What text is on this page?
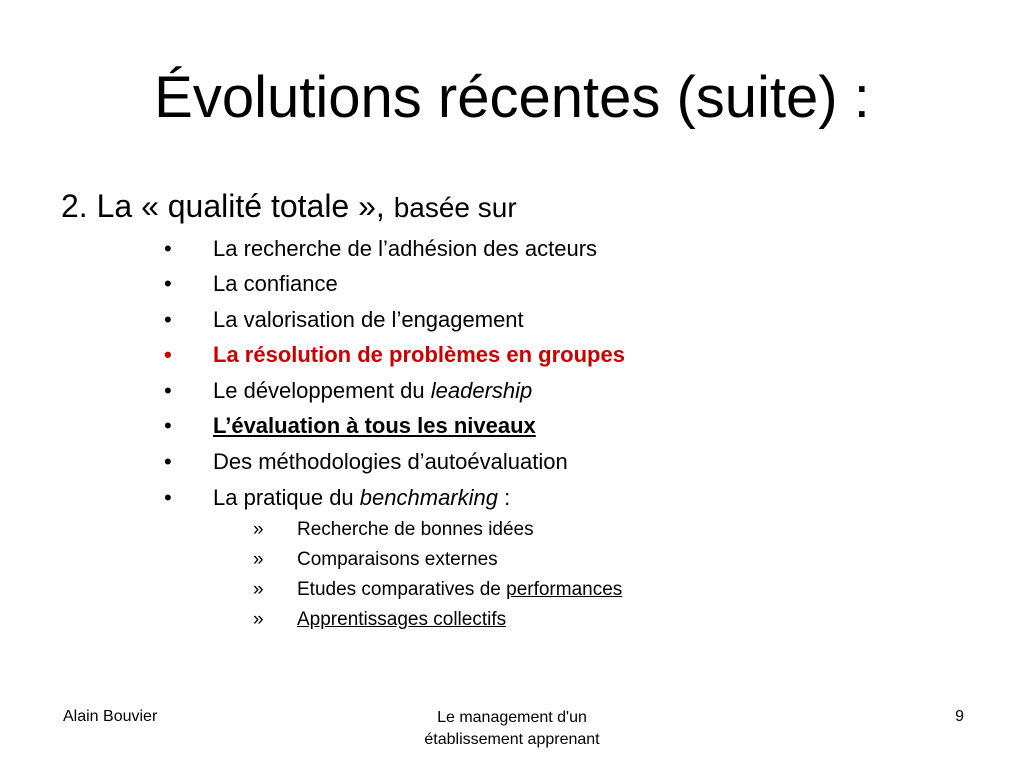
Évolutions récentes (suite) :
2. La « qualité totale », basée sur
• La recherche de l’adhésion des acteurs
• La confiance
• La valorisation de l’engagement
• La résolution de problèmes en groupes
• Le développement du leadership
• L’évaluation à tous les niveaux
• Des méthodologies d’autoévaluation
• La pratique du benchmarking :
» Recherche de bonnes idées
» Comparaisons externes
» Etudes comparatives de performances
» Apprentissages collectifs
Alain Bouvier	Le management d'un
établissement apprenant
9
